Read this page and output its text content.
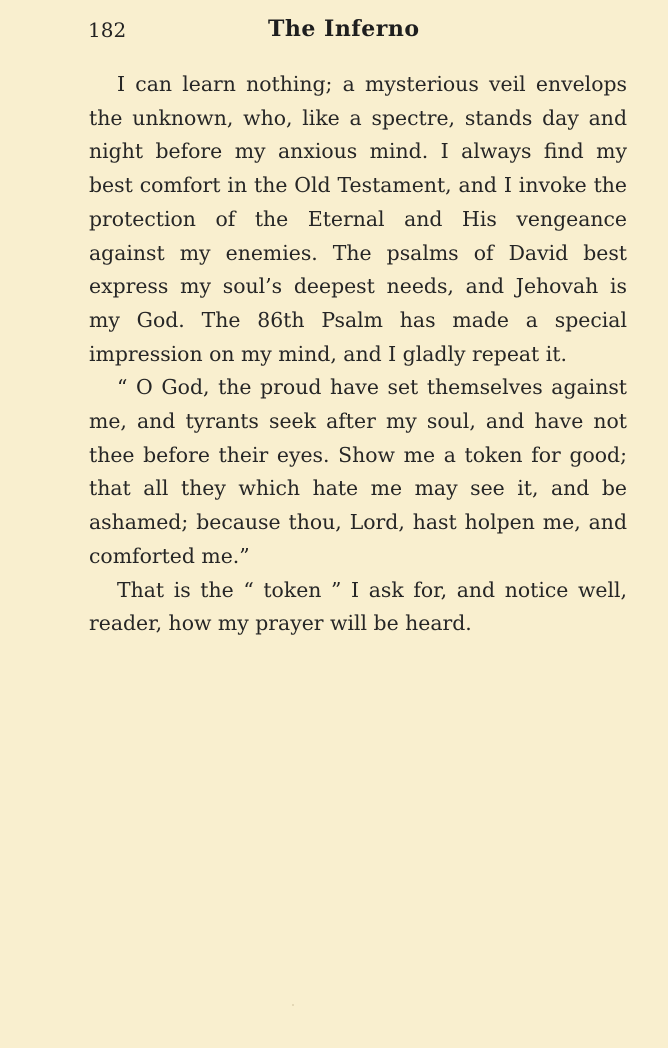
182	The Inferno

I can learn nothing; a mysterious veil envelops the unknown, who, like a spectre, stands day and night before my anxious mind. I always find my best comfort in the Old Testament, and I invoke the protection of the Eternal and His vengeance against my enemies. The psalms of David best express my soul’s deepest needs, and Jehovah is my God. The 86th Psalm has made a special impression on my mind, and I gladly repeat it.

“ O God, the proud have set themselves against me, and tyrants seek after my soul, and have not thee before their eyes. Show me a token for good; that all they which hate me may see it, and be ashamed; because thou, Lord, hast holpen me, and comforted me.”

That is the “ token ” I ask for, and notice well, reader, how my prayer will be heard.
